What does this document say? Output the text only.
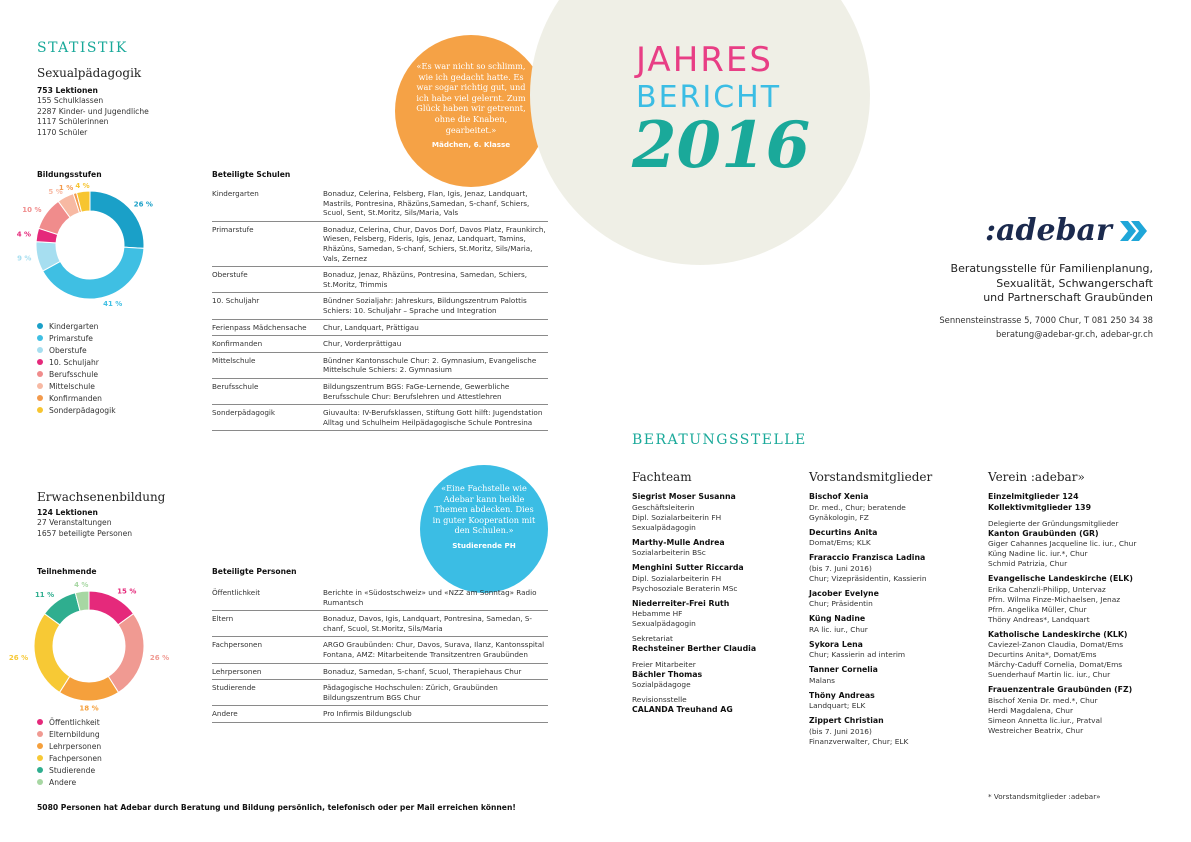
STATISTIK
Sexualpädagogik
753 Lektionen
155 Schulklassen
2287 Kinder- und Jugendliche
1117 Schülerinnen
1170 Schüler
«Es war nicht so schlimm, wie ich gedacht hatte. Es war sogar richtig gut, und ich habe viel gelernt. Zum Glück haben wir getrennt, ohne die Knaben, gearbeitet.»
Mädchen, 6. Klasse
Bildungsstufen
26 %
41 %
9 %
4 %
10 %
5 %
1 % 4 %
Kindergarten
Primarstufe
Oberstufe
10. Schuljahr
Berufsschule
Mittelschule
Konfirmanden
Sonderpädagogik
Beteiligte Schulen
Kindergarten	Bonaduz, Celerina, Felsberg, Flan, Igis, Jenaz, Landquart, Mastrils, Pontresina, Rhäzüns,Samedan, S-chanf, Schiers, Scuol, Sent, St.Moritz, Sils/Maria, Vals
Primarstufe	Bonaduz, Celerina, Chur, Davos Dorf, Davos Platz, Fraunkirch, Wiesen, Felsberg, Fideris, Igis, Jenaz, Landquart, Tamins, Rhäzüns, Samedan, S-chanf, Schiers, St.Moritz, Sils/Maria, Vals, Zernez
Oberstufe	Bonaduz, Jenaz, Rhäzüns, Pontresina, Samedan, Schiers, St.Moritz, Trimmis
10. Schuljahr	Bündner Sozialjahr: Jahreskurs, Bildungszentrum Palottis Schiers: 10. Schuljahr – Sprache und Integration
Ferienpass Mädchensache	Chur, Landquart, Prättigau
Konfirmanden	Chur, Vorderprättigau
Mittelschule	Bündner Kantonsschule Chur: 2. Gymnasium, Evangelische Mittelschule Schiers: 2. Gymnasium
Berufsschule	Bildungszentrum BGS: FaGe-Lernende, Gewerbliche Berufsschule Chur: Berufslehren und Attestlehren
Sonderpädagogik	Giuvaulta: IV-Berufsklassen, Stiftung Gott hilft: Jugendstation Alltag und Schulheim Heilpädagogische Schule Pontresina
Erwachsenenbildung
124 Lektionen
27 Veranstaltungen
1657 beteiligte Personen
«Eine Fachstelle wie Adebar kann heikle Themen abdecken. Dies in guter Kooperation mit den Schulen.»
Studierende PH
Teilnehmende
15 %
26 %
18 %
26 %
11 %
4 %
Öffentlichkeit
Elternbildung
Lehrpersonen
Fachpersonen
Studierende
Andere
Beteiligte Personen
Öffentlichkeit	Berichte in «Südostschweiz» und «NZZ am Sonntag» Radio Rumantsch
Eltern	Bonaduz, Davos, Igis, Landquart, Pontresina, Samedan, S-chanf, Scuol, St.Moritz, Sils/Maria
Fachpersonen	ARGO Graubünden: Chur, Davos, Surava, Ilanz, Kantonsspital Fontana, AMZ: Mitarbeitende Transitzentren Graubünden
Lehrpersonen	Bonaduz, Samedan, S-chanf, Scuol, Therapiehaus Chur
Studierende	Pädagogische Hochschulen: Zürich, Graubünden Bildungszentrum BGS Chur
Andere	Pro Infirmis Bildungsclub
5080 Personen hat Adebar durch Beratung und Bildung persönlich, telefonisch oder per Mail erreichen können!
JAHRES
BERICHT
2016
:adebar
Beratungsstelle für Familienplanung,
Sexualität, Schwangerschaft
und Partnerschaft Graubünden
Sennensteinstrasse 5, 7000 Chur, T 081 250 34 38
beratung@adebar-gr.ch, adebar-gr.ch
BERATUNGSSTELLE
Fachteam
Siegrist Moser Susanna
Geschäftsleiterin
Dipl. Sozialarbeiterin FH
Sexualpädagogin
Marthy-Mulle Andrea
Sozialarbeiterin BSc
Menghini Sutter Riccarda
Dipl. Sozialarbeiterin FH
Psychosoziale Beraterin MSc
Niederreiter-Frei Ruth
Hebamme HF
Sexualpädagogin
Sekretariat
Rechsteiner Berther Claudia
Freier Mitarbeiter
Bächler Thomas
Sozialpädagoge
Revisionsstelle
CALANDA Treuhand AG
Vorstandsmitglieder
Bischof Xenia
Dr. med., Chur; beratende
Gynäkologin, FZ
Decurtins Anita
Domat/Ems; KLK
Fraraccio Franzisca Ladina
(bis 7. Juni 2016)
Chur; Vizepräsidentin, Kassierin
Jacober Evelyne
Chur; Präsidentin
Küng Nadine
RA lic. iur., Chur
Sykora Lena
Chur; Kassierin ad interim
Tanner Cornelia
Malans
Thöny Andreas
Landquart; ELK
Zippert Christian
(bis 7. Juni 2016)
Finanzverwalter, Chur; ELK
Verein :adebar»
Einzelmitglieder 124
Kollektivmitglieder 139
Delegierte der Gründungsmitglieder
Kanton Graubünden (GR)
Giger Cahannes Jacqueline lic. iur., Chur
Küng Nadine lic. iur.*, Chur
Schmid Patrizia, Chur
Evangelische Landeskirche (ELK)
Erika Cahenzli-Philipp, Untervaz
Pfrn. Wilma Finze-Michaelsen, Jenaz
Pfrn. Angelika Müller, Chur
Thöny Andreas*, Landquart
Katholische Landeskirche (KLK)
Caviezel-Zanon Claudia, Domat/Ems
Decurtins Anita*, Domat/Ems
Märchy-Caduff Cornelia, Domat/Ems
Suenderhauf Martin lic. iur., Chur
Frauenzentrale Graubünden (FZ)
Bischof Xenia Dr. med.*, Chur
Herdi Magdalena, Chur
Simeon Annetta lic.iur., Pratval
Westreicher Beatrix, Chur
* Vorstandsmitglieder :adebar»
